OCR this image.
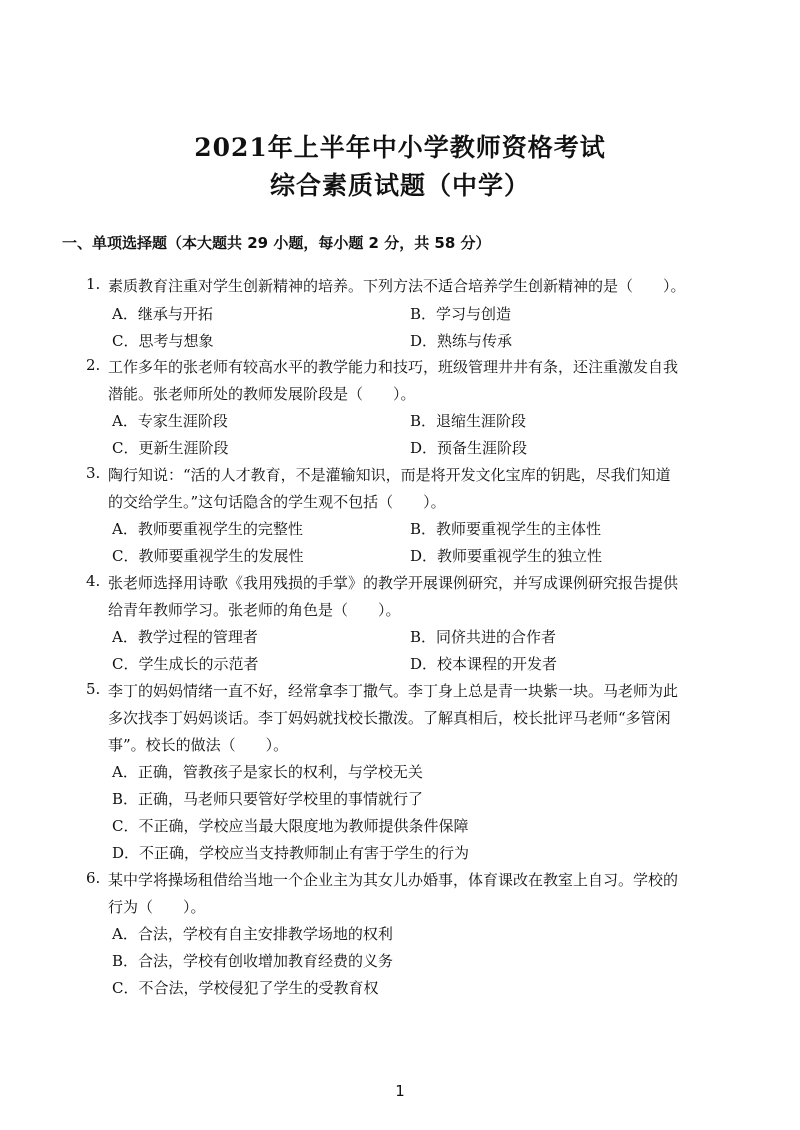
2021年上半年中小学教师资格考试
综合素质试题（中学）
一、单项选择题（本大题共 29 小题，每小题 2 分，共 58 分）
1. 素质教育注重对学生创新精神的培养。下列方法不适合培养学生创新精神的是（　　）。
A．继承与开拓	B．学习与创造
C．思考与想象	D．熟练与传承
2. 工作多年的张老师有较高水平的教学能力和技巧，班级管理井井有条，还注重激发自我
潜能。张老师所处的教师发展阶段是（　　）。
A．专家生涯阶段	B．退缩生涯阶段
C．更新生涯阶段	D．预备生涯阶段
3. 陶行知说：“活的人才教育，不是灌输知识，而是将开发文化宝库的钥匙，尽我们知道
的交给学生。”这句话隐含的学生观不包括（　　）。
A．教师要重视学生的完整性	B．教师要重视学生的主体性
C．教师要重视学生的发展性	D．教师要重视学生的独立性
4. 张老师选择用诗歌《我用残损的手掌》的教学开展课例研究，并写成课例研究报告提供
给青年教师学习。张老师的角色是（　　）。
A．教学过程的管理者	B．同侪共进的合作者
C．学生成长的示范者	D．校本课程的开发者
5. 李丁的妈妈情绪一直不好，经常拿李丁撒气。李丁身上总是青一块紫一块。马老师为此
多次找李丁妈妈谈话。李丁妈妈就找校长撒泼。了解真相后，校长批评马老师“多管闲
事”。校长的做法（　　）。
A．正确，管教孩子是家长的权利，与学校无关
B．正确，马老师只要管好学校里的事情就行了
C．不正确，学校应当最大限度地为教师提供条件保障
D．不正确，学校应当支持教师制止有害于学生的行为
6. 某中学将操场租借给当地一个企业主为其女儿办婚事，体育课改在教室上自习。学校的
行为（　　）。
A．合法，学校有自主安排教学场地的权利
B．合法，学校有创收增加教育经费的义务
C．不合法，学校侵犯了学生的受教育权
1
